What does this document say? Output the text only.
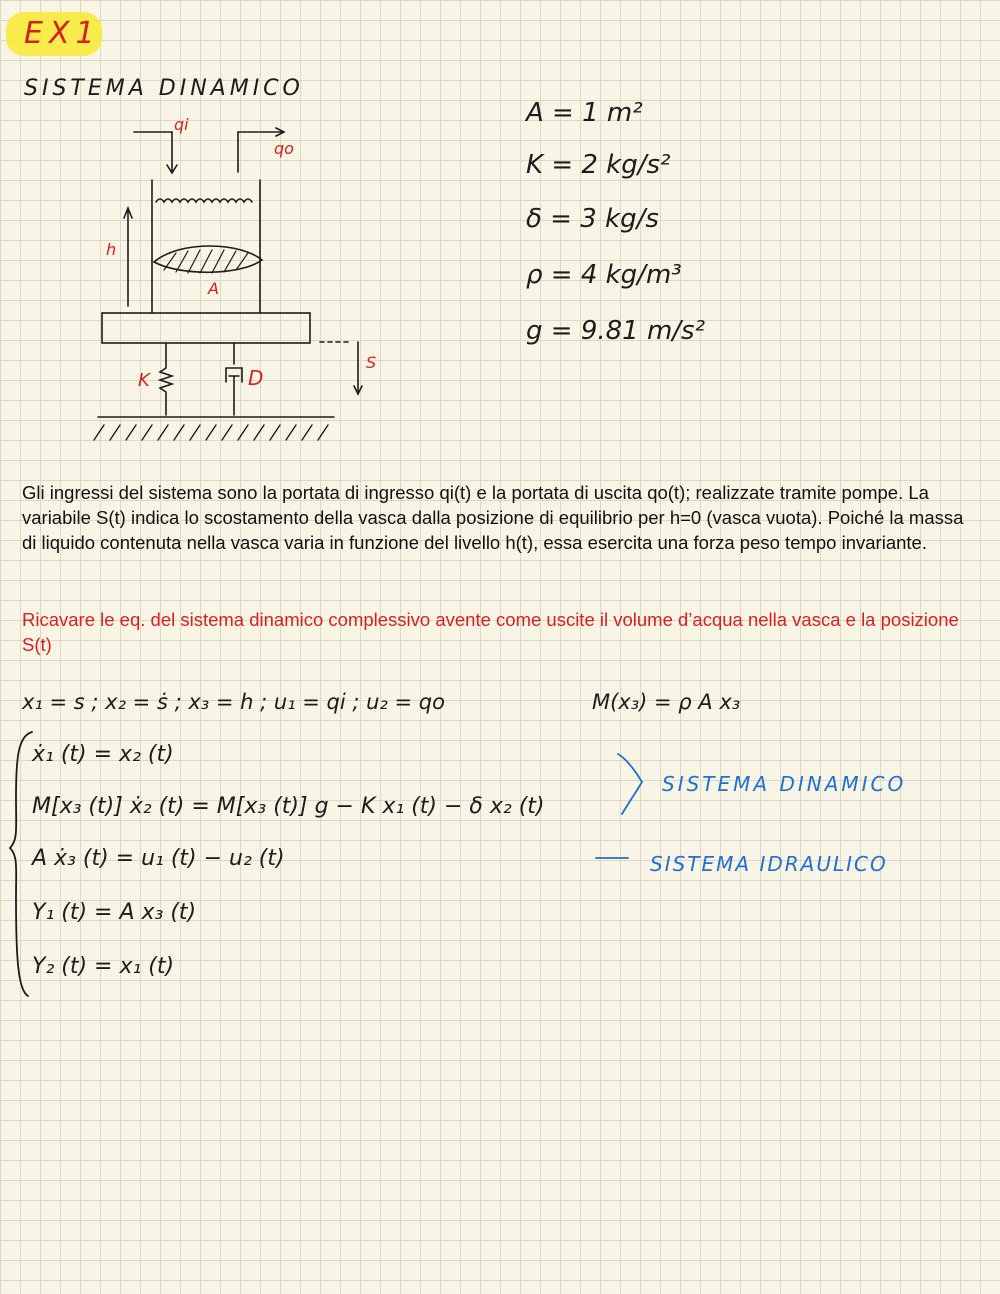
EX1
SISTEMA DINAMICO
qi
qo
h
A
K	D
S
A = 1 m²
K = 2 kg/s²
δ = 3 kg/s
ρ = 4 kg/m³
g = 9.81 m/s²

Gli ingressi del sistema sono la portata di ingresso qi(t) e la portata di uscita qo(t); realizzate tramite pompe. La variabile S(t) indica lo scostamento della vasca dalla posizione di equilibrio per h=0 (vasca vuota). Poiché la massa di liquido contenuta nella vasca varia in funzione del livello h(t), essa esercita una forza peso tempo invariante.

Ricavare le eq. del sistema dinamico complessivo avente come uscite il volume d’acqua nella vasca e la posizione S(t)

x₁ = s ; x₂ = ṡ ; x₃ = h ; u₁ = qi ; u₂ = qo	M(x₃) = ρ A x₃
ẋ₁ (t) = x₂ (t)
M[x₃ (t)] ẋ₂ (t) = M[x₃ (t)] g − K x₁ (t) − δ x₂ (t)
A ẋ₃ (t) = u₁ (t) − u₂ (t)
Y₁ (t) = A x₃ (t)
Y₂ (t) = x₁ (t)
SISTEMA DINAMICO
SISTEMA IDRAULICO
